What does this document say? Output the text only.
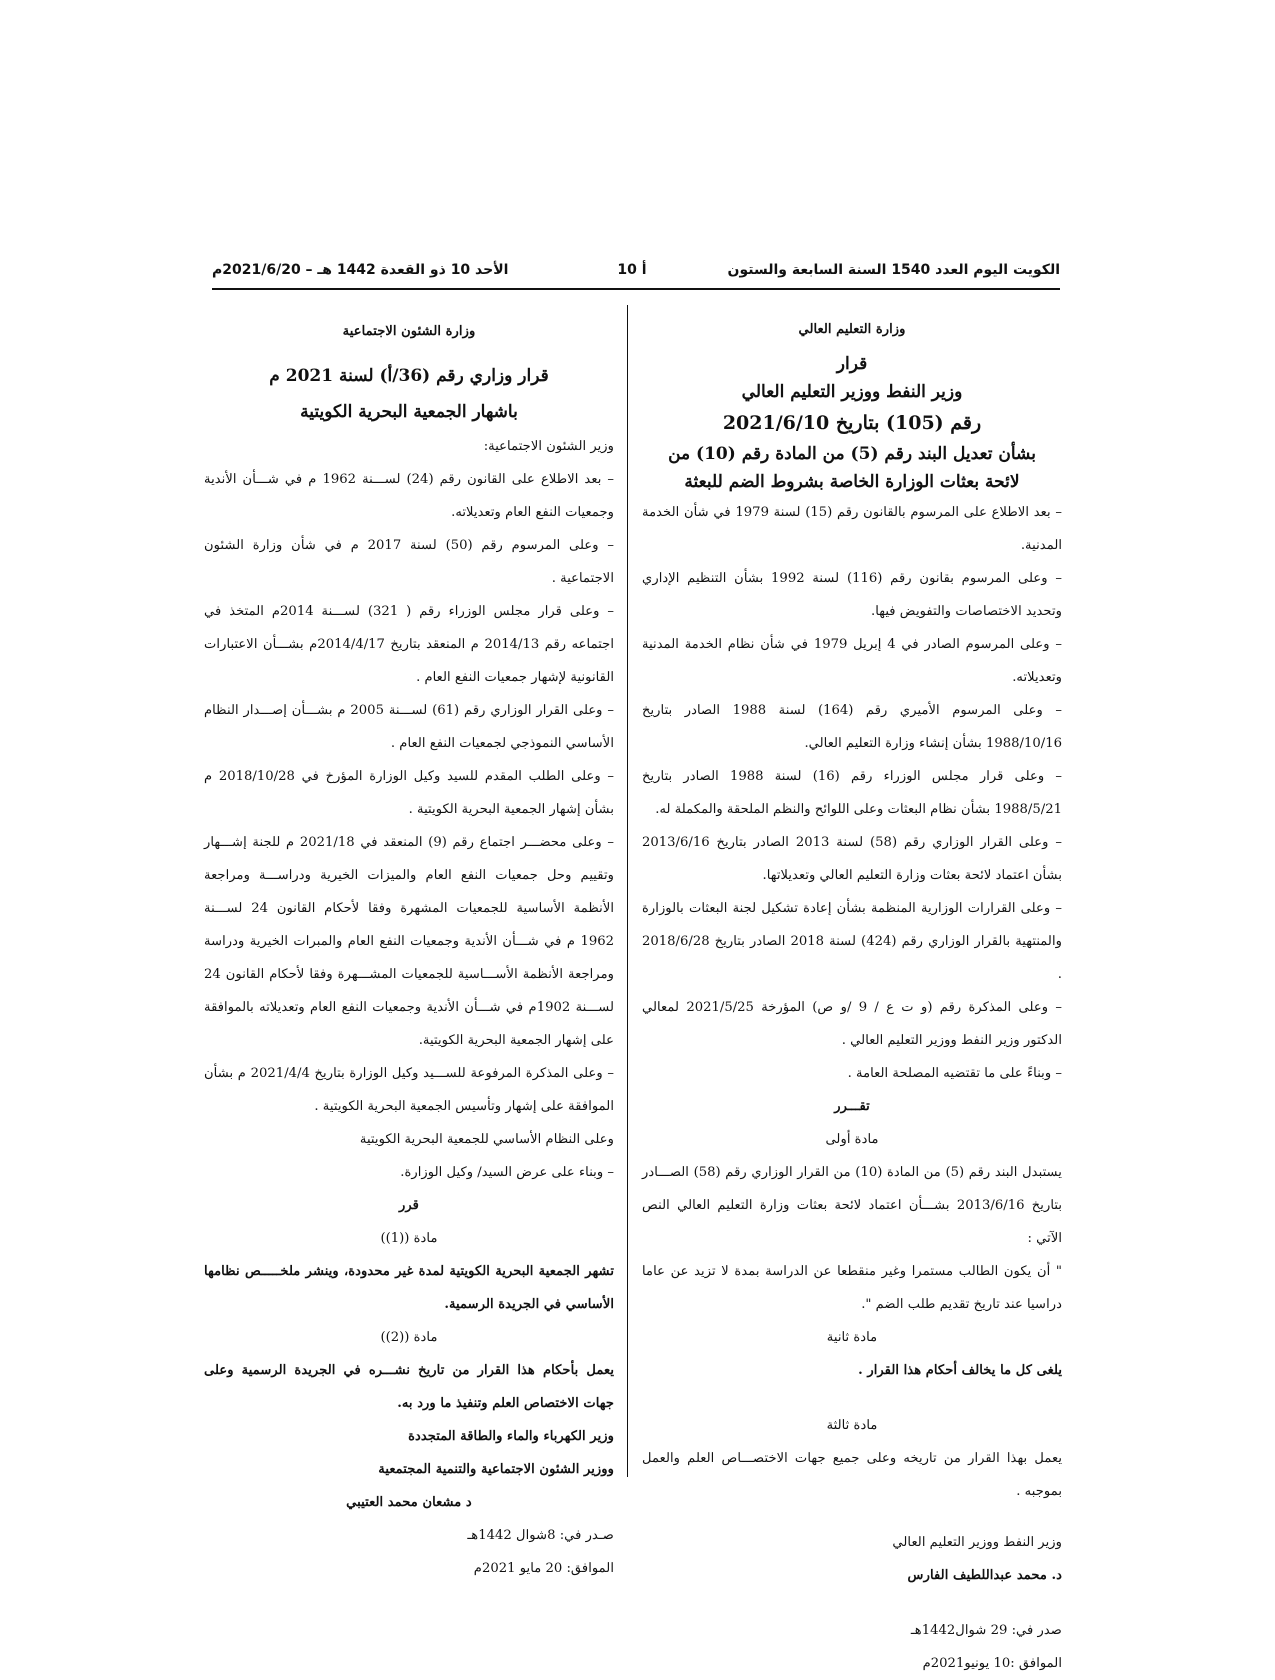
الكويت اليوم العدد 1540 السنة السابعة والستون
أ 10
الأحد 10 ذو القعدة 1442 هـ – 2021/6/20م

وزارة التعليم العالي

قرار

وزير النفط ووزير التعليم العالي

رقم (105) بتاريخ 2021/6/10

بشأن تعديل البند رقم (5) من المادة رقم (10) من

لائحة بعثات الوزارة الخاصة بشروط الضم للبعثة

– بعد الاطلاع على المرسوم بالقانون رقم (15) لسنة 1979 في شأن الخدمة المدنية.

– وعلى المرسوم بقانون رقم (116) لسنة 1992 بشأن التنظيم الإداري وتحديد الاختصاصات والتفويض فيها.

– وعلى المرسوم الصادر في 4 إبريل 1979 في شأن نظام الخدمة المدنية وتعديلاته.

– وعلى المرسوم الأميري رقم (164) لسنة 1988 الصادر بتاريخ 1988/10/16 بشأن إنشاء وزارة التعليم العالي.

– وعلى قرار مجلس الوزراء رقم (16) لسنة 1988 الصادر بتاريخ 1988/5/21 بشأن نظام البعثات وعلى اللوائح والنظم الملحقة والمكملة له.

– وعلى القرار الوزاري رقم (58) لسنة 2013 الصادر بتاريخ 2013/6/16 بشأن اعتماد لائحة بعثات وزارة التعليم العالي وتعديلاتها.

– وعلى القرارات الوزارية المنظمة بشأن إعادة تشكيل لجنة البعثات بالوزارة والمنتهية بالقرار الوزاري رقم (424) لسنة 2018 الصادر بتاريخ 2018/6/28 .

– وعلى المذكرة رقم (و ت ع / 9 /و ص) المؤرخة 2021/5/25 لمعالي الدكتور وزير النفط ووزير التعليم العالي .

– وبناءً على ما تقتضيه المصلحة العامة .

تقـــرر

مادة أولى

يستبدل البند رقم (5) من المادة (10) من القرار الوزاري رقم (58) الصـــادر بتاريخ 2013/6/16 بشـــأن اعتماد لائحة بعثات وزارة التعليم العالي النص الآتي :

" أن يكون الطالب مستمرا وغير منقطعا عن الدراسة بمدة لا تزيد عن عاما دراسيا عند تاريخ تقديم طلب الضم ".

مادة ثانية

يلغى كل ما يخالف أحكام هذا القرار .

مادة ثالثة

يعمل بهذا القرار من تاريخه وعلى جميع جهات الاختصـــاص العلم والعمل بموجبه .

وزير النفط ووزير التعليم العالي

د. محمد عبداللطيف الفارس

صدر في: 29 شوال1442هـ

الموافق :10 يونيو2021م

وزارة الشئون الاجتماعية

قرار وزاري رقم (36/أ) لسنة 2021 م

باشهار الجمعية البحرية الكويتية

وزير الشئون الاجتماعية:

– بعد الاطلاع على القانون رقم (24) لســـنة 1962 م في شـــأن الأندية وجمعيات النفع العام وتعديلاته.

– وعلى المرسوم رقم (50) لسنة 2017 م في شأن وزارة الشئون الاجتماعية .

– وعلى قرار مجلس الوزراء رقم ( 321) لســـنة 2014م المتخذ في اجتماعه رقم 2014/13 م المنعقد بتاريخ 2014/4/17م بشـــأن الاعتبارات القانونية لإشهار جمعيات النفع العام .

– وعلى القرار الوزاري رقم (61) لســـنة 2005 م بشـــأن إصـــدار النظام الأساسي النموذجي لجمعيات النفع العام .

– وعلى الطلب المقدم للسيد وكيل الوزارة المؤرخ في 2018/10/28 م بشأن إشهار الجمعية البحرية الكويتية .

– وعلى محضـــر اجتماع رقم (9) المنعقد في 2021/18 م للجنة إشـــهار وتقييم وحل جمعيات النفع العام والميزات الخيرية ودراســـة ومراجعة الأنظمة الأساسية للجمعيات المشهرة وفقا لأحكام القانون 24 لســـنة 1962 م في شـــأن الأندية وجمعيات النفع العام والمبرات الخيرية ودراسة ومراجعة الأنظمة الأســـاسية للجمعيات المشـــهرة وفقا لأحكام القانون 24 لســـنة 1902م في شـــأن الأندية وجمعيات النفع العام وتعديلاته بالموافقة على إشهار الجمعية البحرية الكويتية.

– وعلى المذكرة المرفوعة للســـيد وكيل الوزارة بتاريخ 2021/4/4 م بشأن الموافقة على إشهار وتأسيس الجمعية البحرية الكويتية .

وعلى النظام الأساسي للجمعية البحرية الكويتية

– وبناء على عرض السيد/ وكيل الوزارة.

قرر

مادة ((1))

تشهر الجمعية البحرية الكويتية لمدة غير محدودة، وينشر ملخـــــص نظامها الأساسي في الجريدة الرسمية.

مادة ((2))

يعمل بأحكام هذا القرار من تاريخ نشـــره في الجريدة الرسمية وعلى جهات الاختصاص العلم وتنفيذ ما ورد به.

وزير الكهرباء والماء والطاقة المتجددة

ووزير الشئون الاجتماعية والتنمية المجتمعية

د مشعان محمد العتيبي

صـدر في: 8شوال 1442هـ

الموافق: 20 مايو 2021م
